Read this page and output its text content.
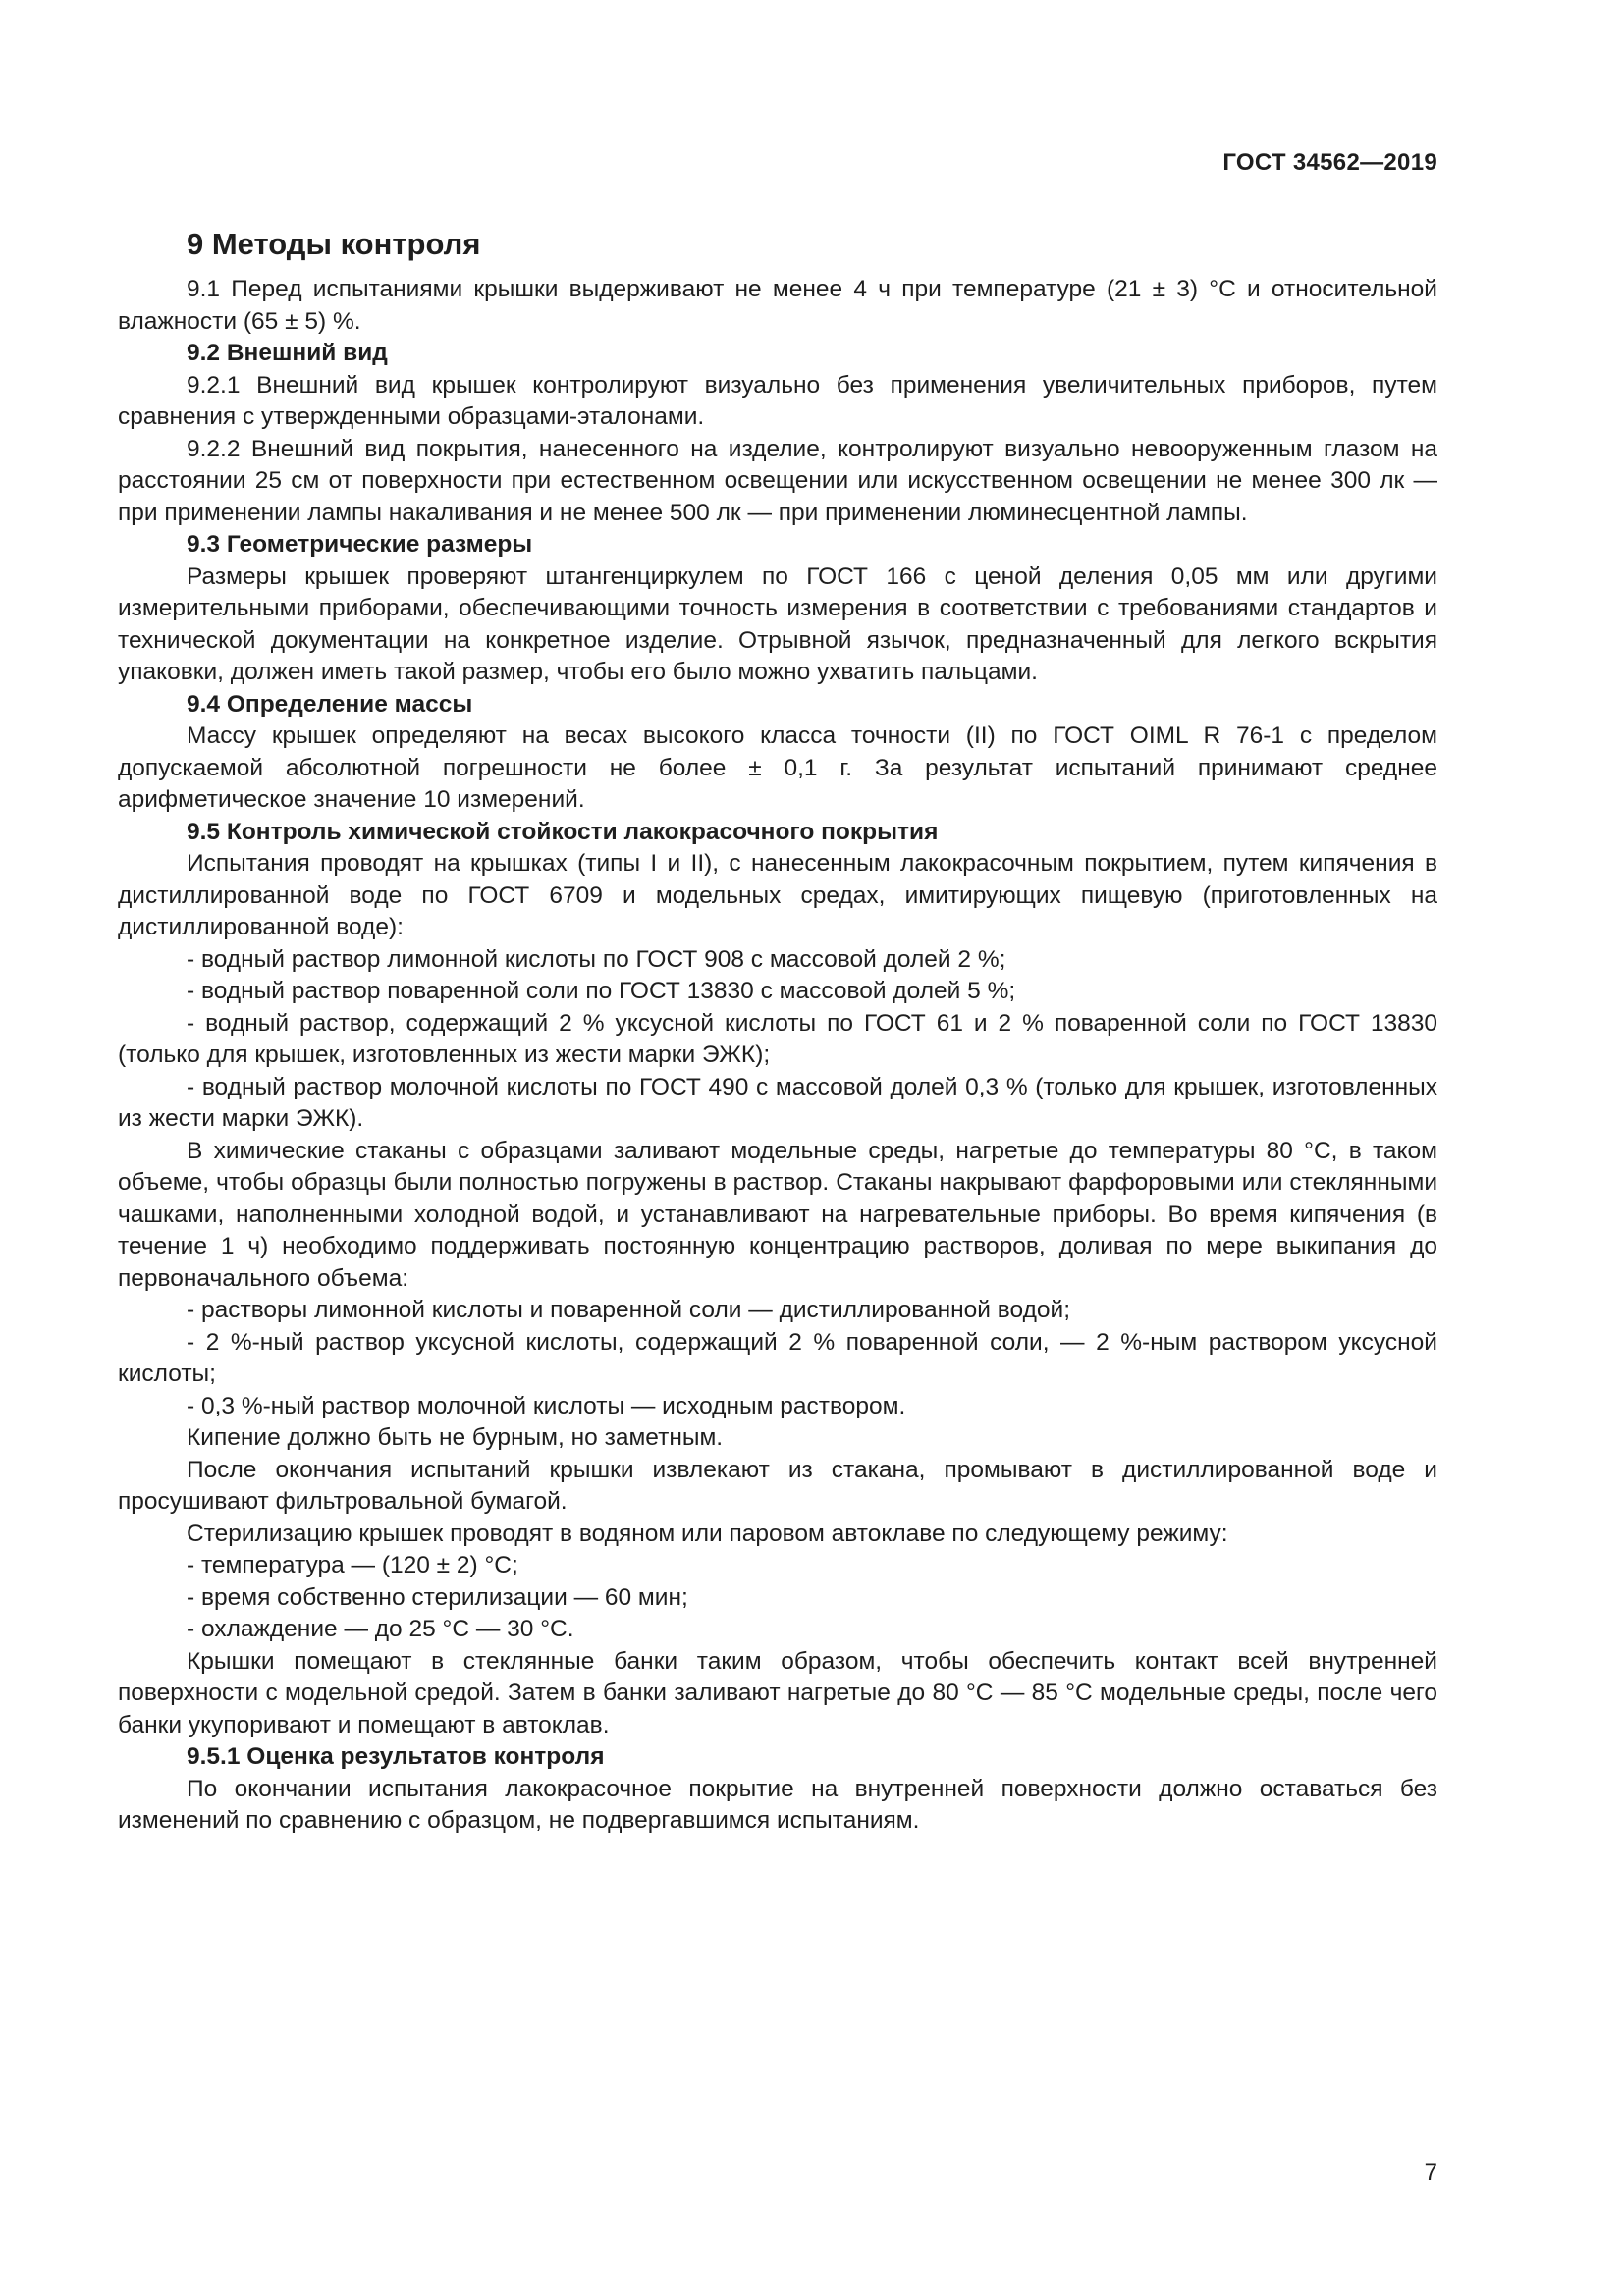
ГОСТ 34562—2019
9 Методы контроля

9.1 Перед испытаниями крышки выдерживают не менее 4 ч при температуре (21 ± 3) °С и относительной влажности (65 ± 5) %.

9.2 Внешний вид

9.2.1 Внешний вид крышек контролируют визуально без применения увеличительных приборов, путем сравнения с утвержденными образцами-эталонами.

9.2.2 Внешний вид покрытия, нанесенного на изделие, контролируют визуально невооруженным глазом на расстоянии 25 см от поверхности при естественном освещении или искусственном освещении не менее 300 лк — при применении лампы накаливания и не менее 500 лк — при применении люминесцентной лампы.

9.3 Геометрические размеры

Размеры крышек проверяют штангенциркулем по ГОСТ 166 с ценой деления 0,05 мм или другими измерительными приборами, обеспечивающими точность измерения в соответствии с требованиями стандартов и технической документации на конкретное изделие. Отрывной язычок, предназначенный для легкого вскрытия упаковки, должен иметь такой размер, чтобы его было можно ухватить пальцами.

9.4 Определение массы

Массу крышек определяют на весах высокого класса точности (II) по ГОСТ OIML R 76-1 с пределом допускаемой абсолютной погрешности не более ± 0,1 г. За результат испытаний принимают среднее арифметическое значение 10 измерений.

9.5 Контроль химической стойкости лакокрасочного покрытия

Испытания проводят на крышках (типы I и II), с нанесенным лакокрасочным покрытием, путем кипячения в дистиллированной воде по ГОСТ 6709 и модельных средах, имитирующих пищевую (приготовленных на дистиллированной воде):

- водный раствор лимонной кислоты по ГОСТ 908 с массовой долей 2 %;

- водный раствор поваренной соли по ГОСТ 13830 с массовой долей 5 %;

- водный раствор, содержащий 2 % уксусной кислоты по ГОСТ 61 и 2 % поваренной соли по ГОСТ 13830 (только для крышек, изготовленных из жести марки ЭЖК);

- водный раствор молочной кислоты по ГОСТ 490 с массовой долей 0,3 % (только для крышек, изготовленных из жести марки ЭЖК).

В химические стаканы с образцами заливают модельные среды, нагретые до температуры 80 °С, в таком объеме, чтобы образцы были полностью погружены в раствор. Стаканы накрывают фарфоровыми или стеклянными чашками, наполненными холодной водой, и устанавливают на нагревательные приборы. Во время кипячения (в течение 1 ч) необходимо поддерживать постоянную концентрацию растворов, доливая по мере выкипания до первоначального объема:

- растворы лимонной кислоты и поваренной соли — дистиллированной водой;

- 2 %-ный раствор уксусной кислоты, содержащий 2 % поваренной соли, — 2 %-ным раствором уксусной кислоты;

- 0,3 %-ный раствор молочной кислоты — исходным раствором.

Кипение должно быть не бурным, но заметным.

После окончания испытаний крышки извлекают из стакана, промывают в дистиллированной воде и просушивают фильтровальной бумагой.

Стерилизацию крышек проводят в водяном или паровом автоклаве по следующему режиму:

- температура — (120 ± 2) °С;

- время собственно стерилизации — 60 мин;

- охлаждение — до 25 °С — 30 °С.

Крышки помещают в стеклянные банки таким образом, чтобы обеспечить контакт всей внутренней поверхности с модельной средой. Затем в банки заливают нагретые до 80 °С — 85 °С модельные среды, после чего банки укупоривают и помещают в автоклав.

9.5.1 Оценка результатов контроля

По окончании испытания лакокрасочное покрытие на внутренней поверхности должно оставаться без изменений по сравнению с образцом, не подвергавшимся испытаниям.

7
